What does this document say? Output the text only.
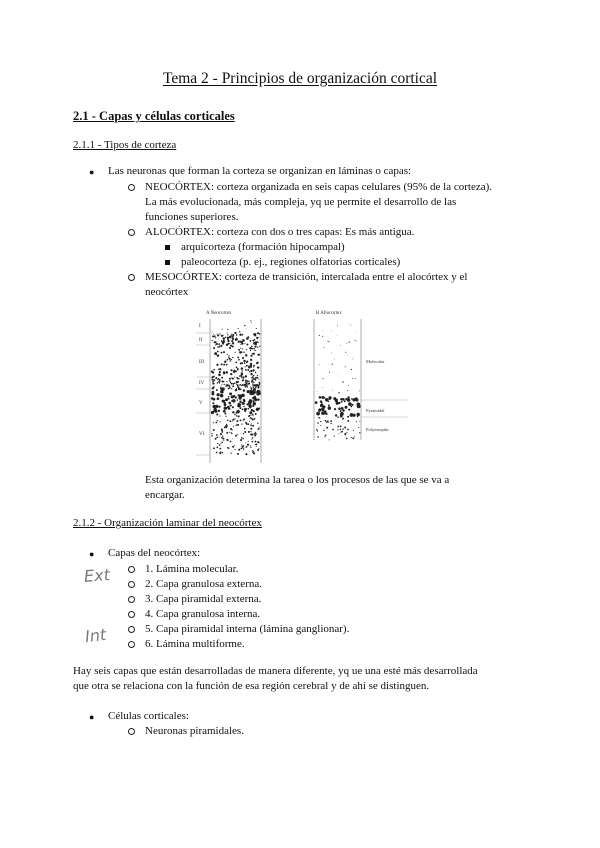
Tema 2 - Principios de organización cortical
2.1 - Capas y células corticales
2.1.1 - Tipos de corteza
● Las neuronas que forman la corteza se organizan en láminas o capas:
NEOCÓRTEX: corteza organizada en seis capas celulares (95% de la corteza).
La más evolucionada, más compleja, yq ue permite el desarrollo de las
funciones superiores.
ALOCÓRTEX: corteza con dos o tres capas: Es más antigua.
arquicorteza (formación hipocampal)
paleocorteza (p. ej., regiones olfatorias corticales)
MESOCÓRTEX: corteza de transición, intercalada entre el alocórtex y el
neocórtex
A Neocortex
I
II
III
IV
V
VI
B Allocortex
Molecular
Pyramidal
Polymorphic
Esta organización determina la tarea o los procesos de las que se va a
encargar.
2.1.2 - Organización laminar del neocórtex
● Capas del neocórtex:
1. Lámina molecular.
2. Capa granulosa externa.
3. Capa piramidal externa.
4. Capa granulosa interna.
5. Capa piramidal interna (lámina ganglionar).
6. Lámina multiforme.
Ext
Int
Hay seis capas que están desarrolladas de manera diferente, yq ue una esté más desarrollada
que otra se relaciona con la función de esa región cerebral y de ahí se distinguen.
● Células corticales:
Neuronas piramidales.
